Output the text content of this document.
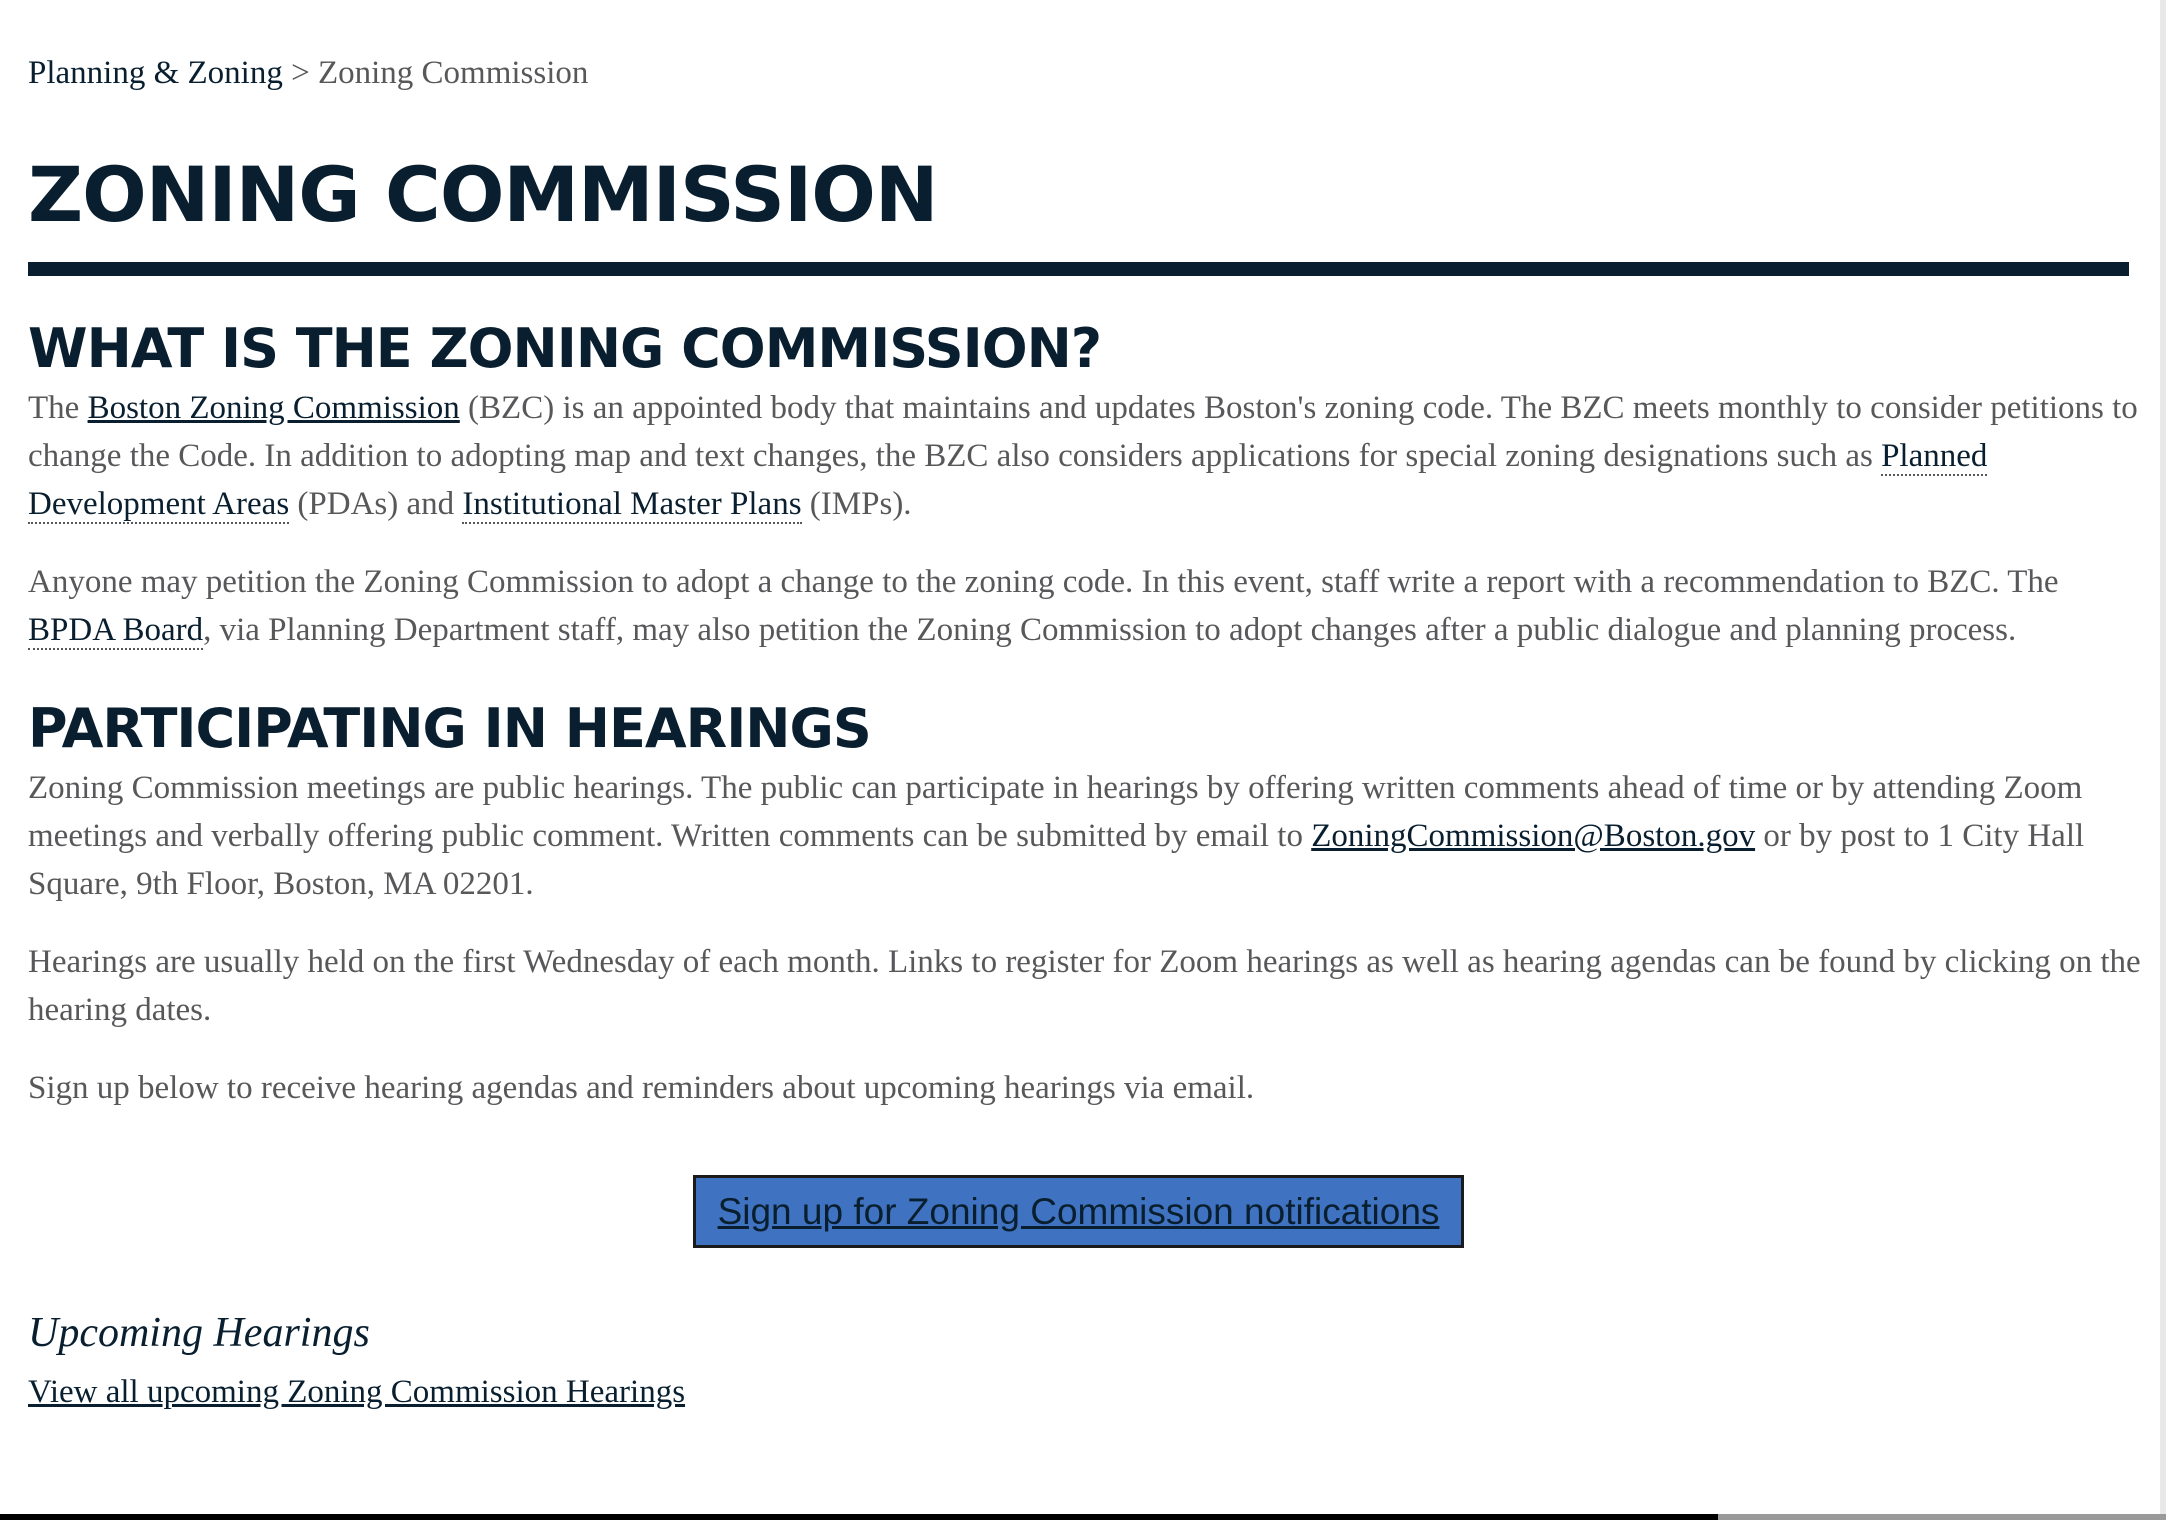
Planning & Zoning > Zoning Commission
ZONING COMMISSION
WHAT IS THE ZONING COMMISSION?

The Boston Zoning Commission (BZC) is an appointed body that maintains and updates Boston's zoning code. The BZC meets monthly to consider petitions to change the Code. In addition to adopting map and text changes, the BZC also considers applications for special zoning designations such as Planned Development Areas (PDAs) and Institutional Master Plans (IMPs).

Anyone may petition the Zoning Commission to adopt a change to the zoning code. In this event, staff write a report with a recommendation to BZC. The BPDA Board, via Planning Department staff, may also petition the Zoning Commission to adopt changes after a public dialogue and planning process.

PARTICIPATING IN HEARINGS

Zoning Commission meetings are public hearings. The public can participate in hearings by offering written comments ahead of time or by attending Zoom meetings and verbally offering public comment. Written comments can be submitted by email to ZoningCommission@Boston.gov or by post to 1 City Hall Square, 9th Floor, Boston, MA 02201.

Hearings are usually held on the first Wednesday of each month. Links to register for Zoom hearings as well as hearing agendas can be found by clicking on the hearing dates.

Sign up below to receive hearing agendas and reminders about upcoming hearings via email.

Sign up for Zoning Commission notifications
Upcoming Hearings
View all upcoming Zoning Commission Hearings
